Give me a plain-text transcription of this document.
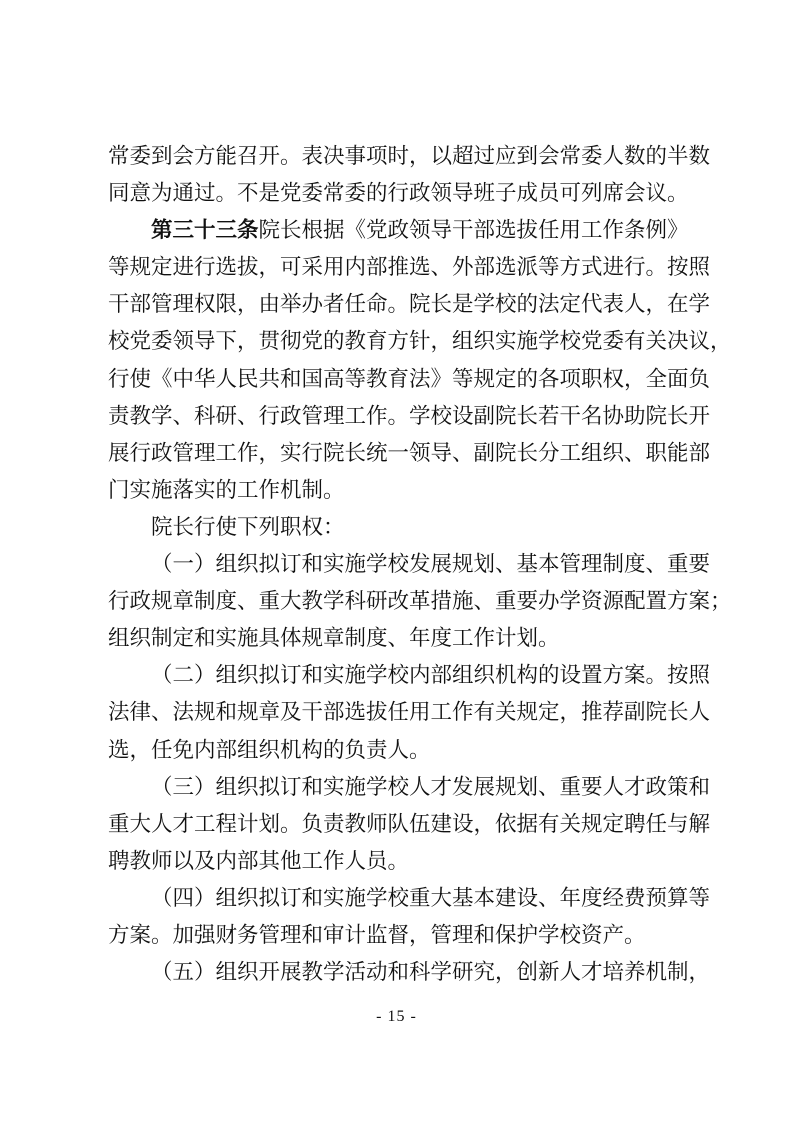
常委到会方能召开。表决事项时，以超过应到会常委人数的半数
同意为通过。不是党委常委的行政领导班子成员可列席会议。
第三十三条院长根据《党政领导干部选拔任用工作条例》
等规定进行选拔，可采用内部推选、外部选派等方式进行。按照
干部管理权限，由举办者任命。院长是学校的法定代表人，在学
校党委领导下，贯彻党的教育方针，组织实施学校党委有关决议，
行使《中华人民共和国高等教育法》等规定的各项职权，全面负
责教学、科研、行政管理工作。学校设副院长若干名协助院长开
展行政管理工作，实行院长统一领导、副院长分工组织、职能部
门实施落实的工作机制。
院长行使下列职权：
（一）组织拟订和实施学校发展规划、基本管理制度、重要
行政规章制度、重大教学科研改革措施、重要办学资源配置方案；
组织制定和实施具体规章制度、年度工作计划。
（二）组织拟订和实施学校内部组织机构的设置方案。按照
法律、法规和规章及干部选拔任用工作有关规定，推荐副院长人
选，任免内部组织机构的负责人。
（三）组织拟订和实施学校人才发展规划、重要人才政策和
重大人才工程计划。负责教师队伍建设，依据有关规定聘任与解
聘教师以及内部其他工作人员。
（四）组织拟订和实施学校重大基本建设、年度经费预算等
方案。加强财务管理和审计监督，管理和保护学校资产。
（五）组织开展教学活动和科学研究，创新人才培养机制，
- 15 -
